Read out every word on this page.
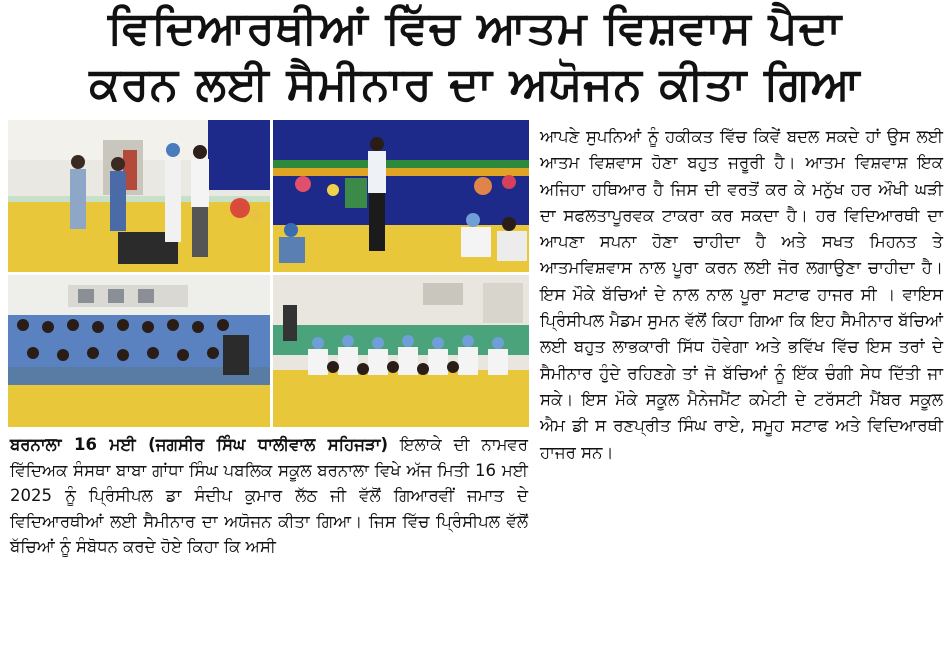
ਵਿਦਿਆਰਥੀਆਂ ਵਿੱਚ ਆਤਮ ਵਿਸ਼ਵਾਸ ਪੈਦਾ
ਕਰਨ ਲਈ ਸੈਮੀਨਾਰ ਦਾ ਅਯੋਜਨ ਕੀਤਾ ਗਿਆ
ਬਰਨਾਲਾ 16 ਮਈ (ਜਗਸੀਰ ਸਿੰਘ ਧਾਲੀਵਾਲ ਸਹਿਜੜਾ) ਇਲਾਕੇ ਦੀ ਨਾਮਵਰ ਵਿੱਦਿਅਕ ਸੰਸਥਾ ਬਾਬਾ ਗਾਂਧਾ ਸਿੰਘ ਪਬਲਿਕ ਸਕੂਲ ਬਰਨਾਲਾ ਵਿਖੇ ਅੱਜ ਮਿਤੀ 16 ਮਈ 2025 ਨੂੰ ਪ੍ਰਿੰਸੀਪਲ ਡਾ ਸੰਦੀਪ ਕੁਮਾਰ ਲੱਠ ਜੀ ਵੱਲੋਂ ਗਿਆਰਵੀਂ ਜਮਾਤ ਦੇ ਵਿਦਿਆਰਥੀਆਂ ਲਈ ਸੈਮੀਨਾਰ ਦਾ ਅਯੋਜਨ ਕੀਤਾ ਗਿਆ। ਜਿਸ ਵਿੱਚ ਪ੍ਰਿੰਸੀਪਲ ਵੱਲੋਂ ਬੱਚਿਆਂ ਨੂੰ ਸੰਬੋਧਨ ਕਰਦੇ ਹੋਏ ਕਿਹਾ ਕਿ ਅਸੀ
ਆਪਣੇ ਸੁਪਨਿਆਂ ਨੂੰ ਹਕੀਕਤ ਵਿੱਚ ਕਿਵੇਂ ਬਦਲ ਸਕਦੇ ਹਾਂ ਉਸ ਲਈ ਆਤਮ ਵਿਸ਼ਵਾਸ ਹੋਣਾ ਬਹੁਤ ਜਰੂਰੀ ਹੈ। ਆਤਮ ਵਿਸ਼ਵਾਸ਼ ਇਕ ਅਜਿਹਾ ਹਥਿਆਰ ਹੈ ਜਿਸ ਦੀ ਵਰਤੋਂ ਕਰ ਕੇ ਮਨੁੱਖ ਹਰ ਔਖੀ ਘੜੀ ਦਾ ਸਫਲਤਾਪੂਰਵਕ ਟਾਕਰਾ ਕਰ ਸਕਦਾ ਹੈ। ਹਰ ਵਿਦਿਆਰਥੀ ਦਾ ਆਪਣਾ ਸਪਨਾ ਹੋਣਾ ਚਾਹੀਦਾ ਹੈ ਅਤੇ ਸਖਤ ਮਿਹਨਤ ਤੇ ਆਤਮਵਿਸ਼ਵਾਸ ਨਾਲ ਪੂਰਾ ਕਰਨ ਲਈ ਜੋਰ ਲਗਾਉਣਾ ਚਾਹੀਦਾ ਹੈ। ਇਸ ਮੌਕੇ ਬੱਚਿਆਂ ਦੇ ਨਾਲ ਨਾਲ ਪੂਰਾ ਸਟਾਫ ਹਾਜਰ ਸੀ । ਵਾਇਸ ਪ੍ਰਿੰਸੀਪਲ ਮੈਡਮ ਸੁਮਨ ਵੱਲੋਂ ਕਿਹਾ ਗਿਆ ਕਿ ਇਹ ਸੈਮੀਨਾਰ ਬੱਚਿਆਂ ਲਈ ਬਹੁਤ ਲਾਭਕਾਰੀ ਸਿੱਧ ਹੋਵੇਗਾ ਅਤੇ ਭਵਿੱਖ ਵਿੱਚ ਇਸ ਤਰਾਂ ਦੇ ਸੈਮੀਨਾਰ ਹੁੰਦੇ ਰਹਿਣਗੇ ਤਾਂ ਜੋ ਬੱਚਿਆਂ ਨੂੰ ਇੱਕ ਚੰਗੀ ਸੇਧ ਦਿੱਤੀ ਜਾ ਸਕੇ। ਇਸ ਮੌਕੇ ਸਕੂਲ ਮੈਨੇਜਮੈਂਟ ਕਮੇਟੀ ਦੇ ਟਰੱਸਟੀ ਮੈਂਬਰ ਸਕੂਲ ਐਮ ਡੀ ਸ ਰਣਪ੍ਰੀਤ ਸਿੰਘ ਰਾਏ, ਸਮੂਹ ਸਟਾਫ ਅਤੇ ਵਿਦਿਆਰਥੀ ਹਾਜਰ ਸਨ।
